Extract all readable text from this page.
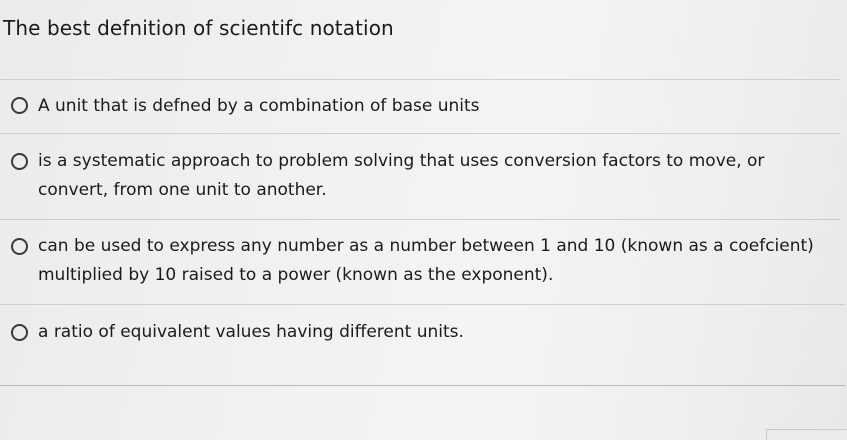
The best defnition of scientifc notation
A unit that is defned by a combination of base units
is a systematic approach to problem solving that uses conversion factors to move, or convert, from one unit to another.
can be used to express any number as a number between 1 and 10 (known as a coefcient) multiplied by 10 raised to a power (known as the exponent).
a ratio of equivalent values having different units.
